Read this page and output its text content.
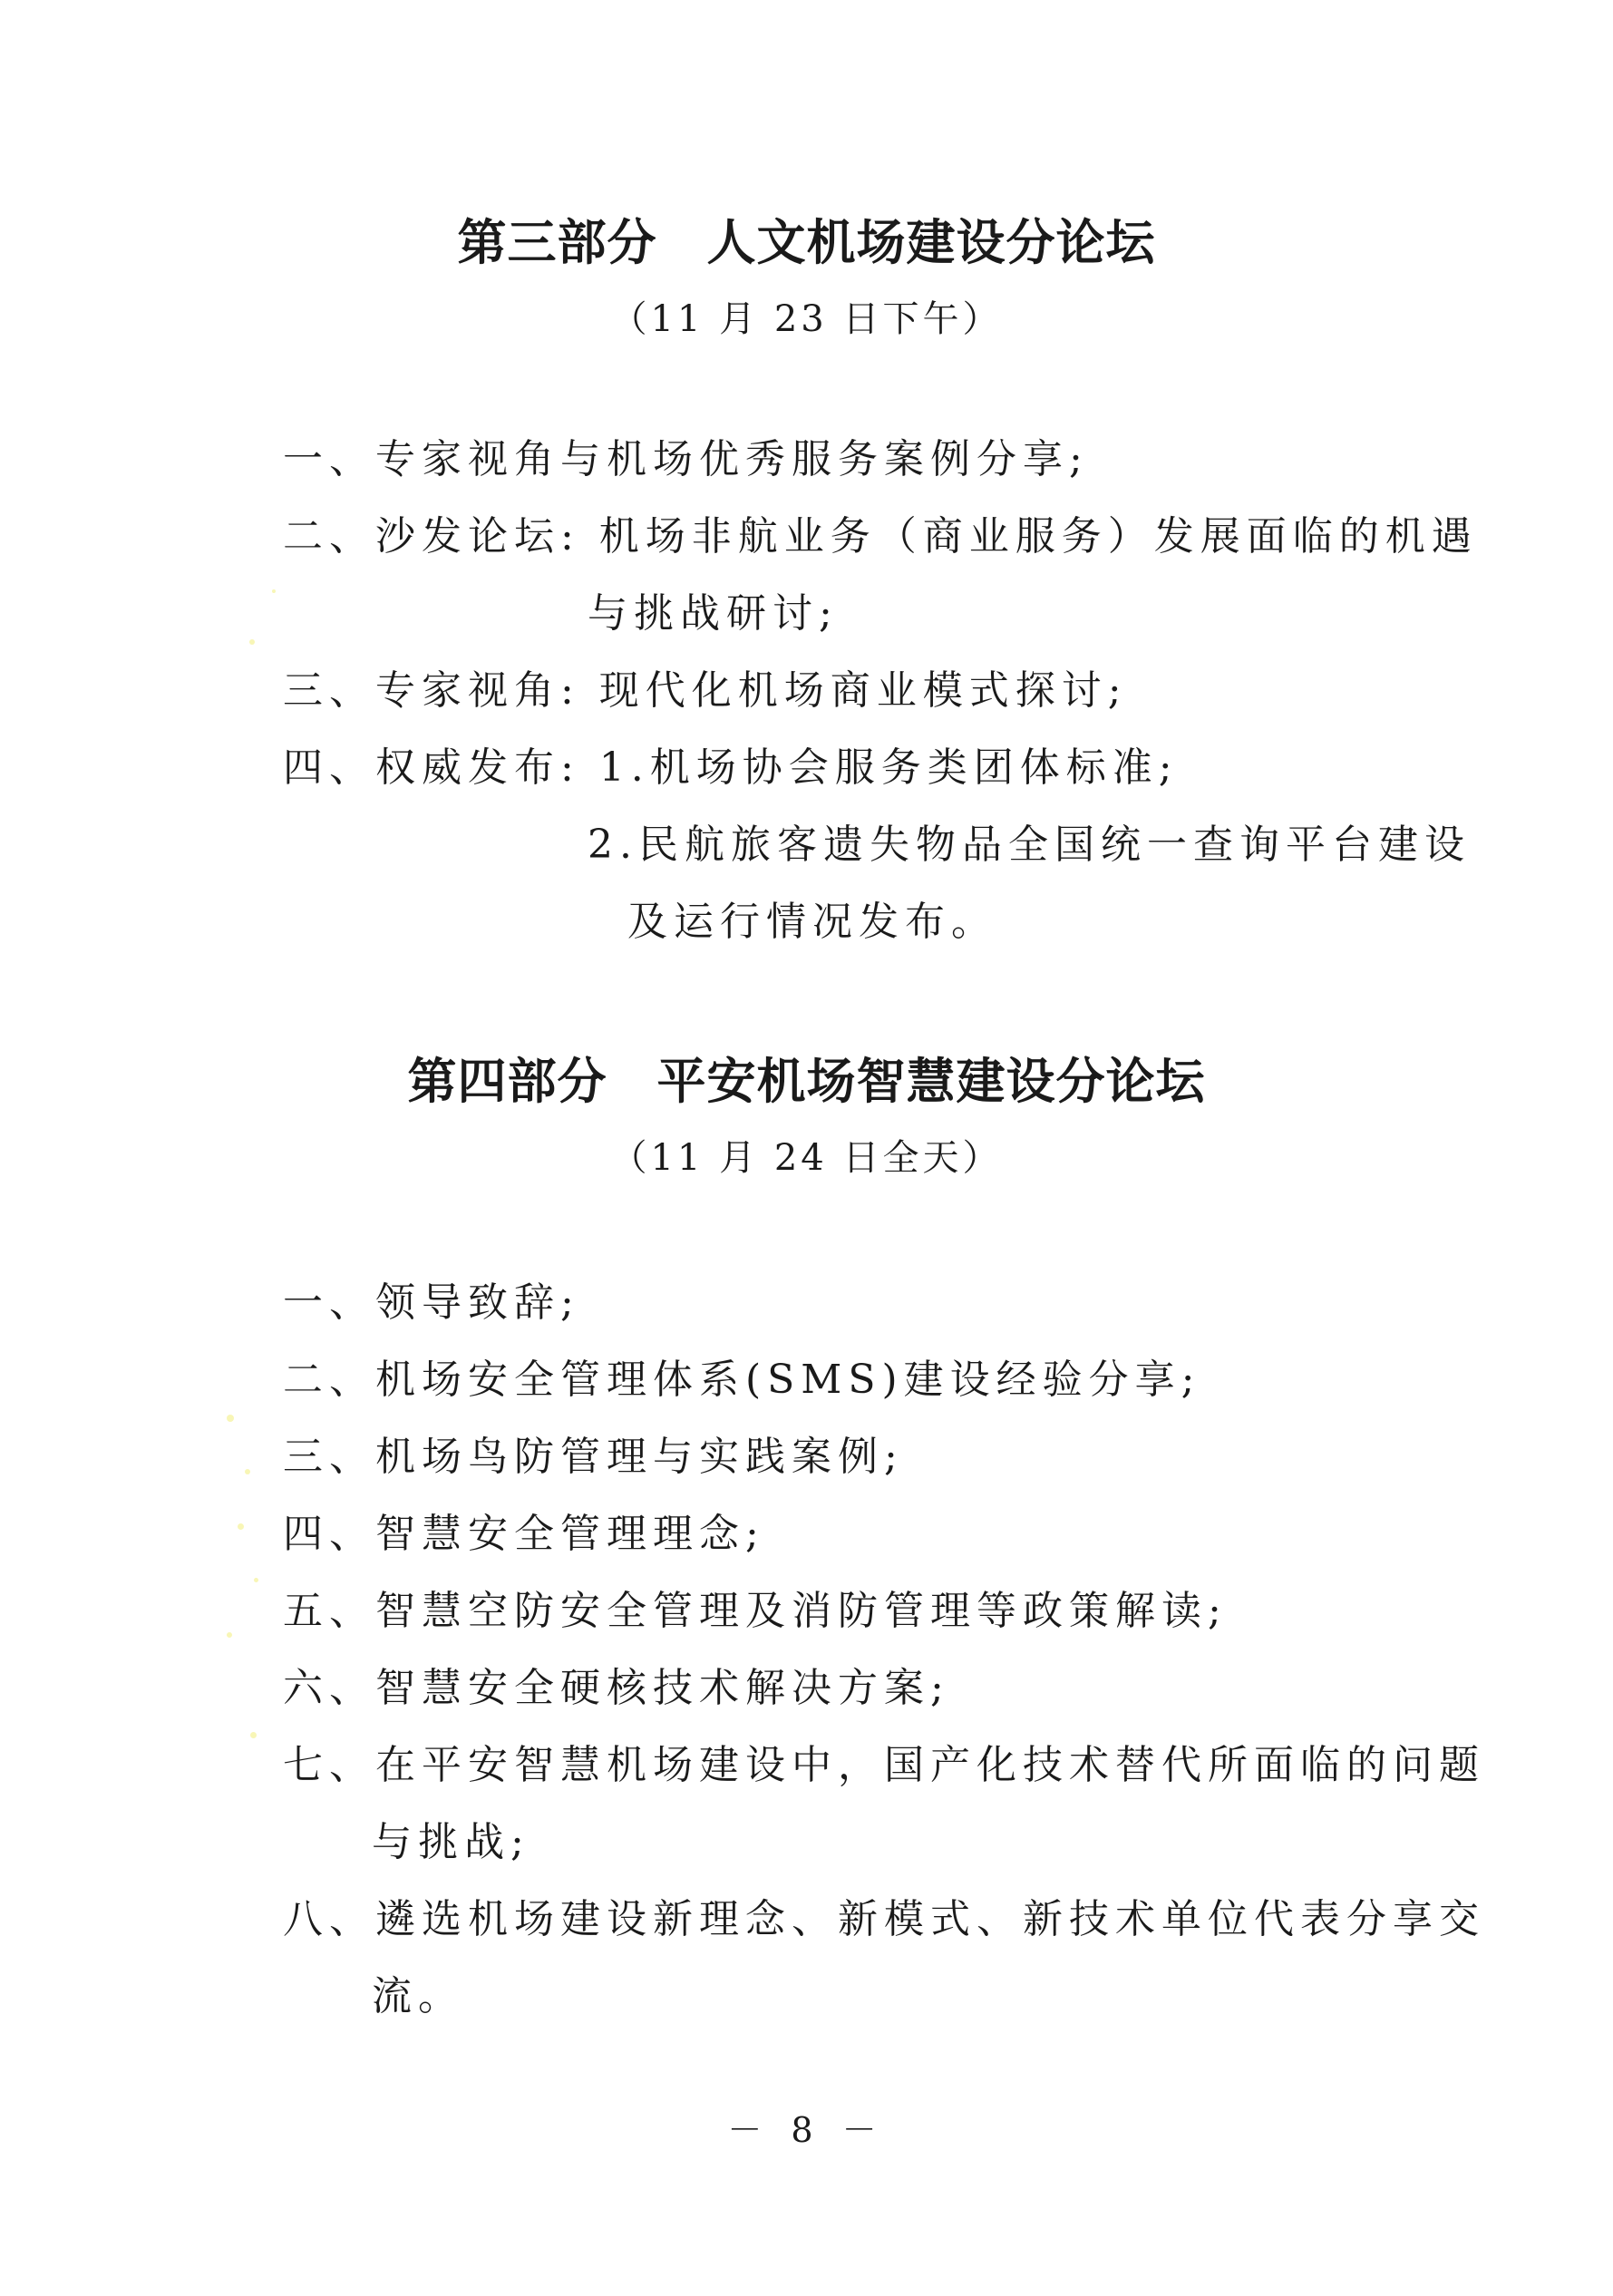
第三部分　人文机场建设分论坛
（11 月 23 日下午）
一、专家视角与机场优秀服务案例分享;
二、沙发论坛: 机场非航业务（商业服务）发展面临的机遇
与挑战研讨;
三、专家视角: 现代化机场商业模式探讨;
四、权威发布: 1.机场协会服务类团体标准;
2.民航旅客遗失物品全国统一查询平台建设
及运行情况发布。
第四部分　平安机场智慧建设分论坛
（11 月 24 日全天）
一、领导致辞;
二、机场安全管理体系(SMS)建设经验分享;
三、机场鸟防管理与实践案例;
四、智慧安全管理理念;
五、智慧空防安全管理及消防管理等政策解读;
六、智慧安全硬核技术解决方案;
七、在平安智慧机场建设中，国产化技术替代所面临的问题
与挑战;
八、遴选机场建设新理念、新模式、新技术单位代表分享交
流。
－ 8 －
